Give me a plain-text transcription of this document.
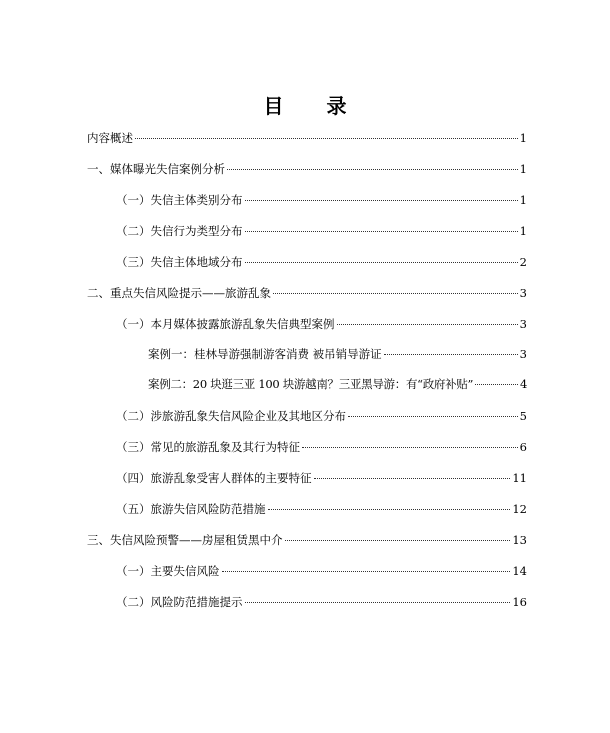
目 录
内容概述	1
一、媒体曝光失信案例分析	1
（一）失信主体类别分布	1
（二）失信行为类型分布	1
（三）失信主体地域分布	2
二、重点失信风险提示——旅游乱象	3
（一）本月媒体披露旅游乱象失信典型案例	3
案例一：桂林导游强制游客消费 被吊销导游证	3
案例二：20 块逛三亚 100 块游越南？三亚黑导游：有“政府补贴”	4
（二）涉旅游乱象失信风险企业及其地区分布	5
（三）常见的旅游乱象及其行为特征	6
（四）旅游乱象受害人群体的主要特征	11
（五）旅游失信风险防范措施	12
三、失信风险预警——房屋租赁黑中介	13
（一）主要失信风险	14
（二）风险防范措施提示	16
